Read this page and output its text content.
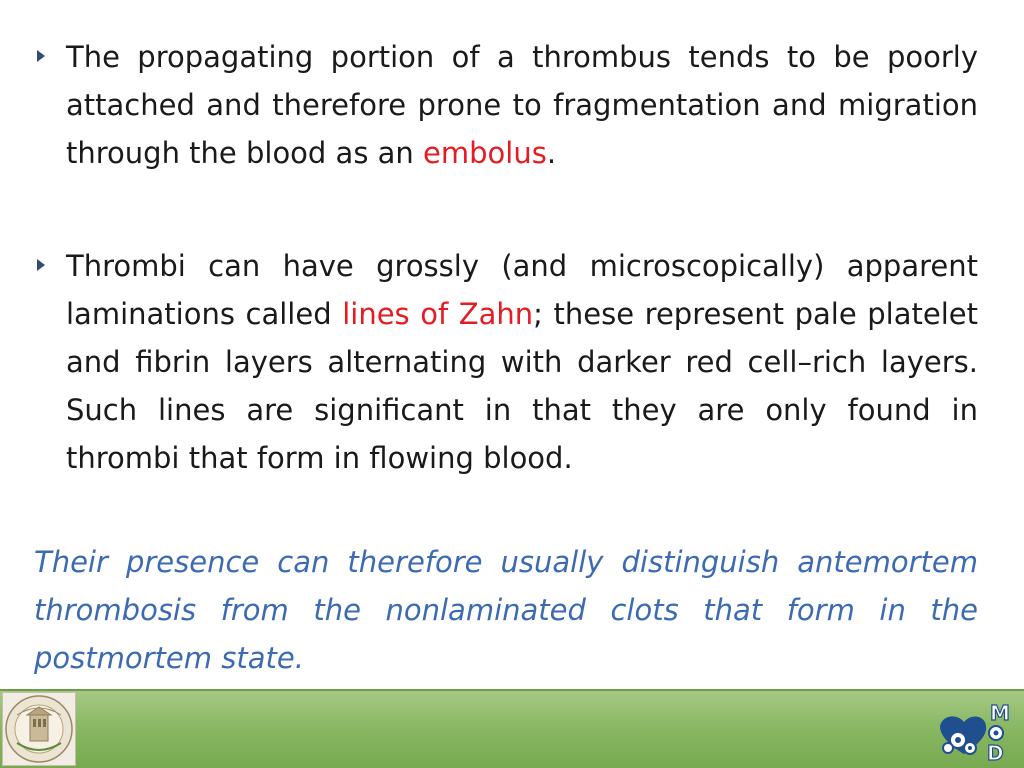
The propagating portion of a thrombus tends to be poorly attached and therefore prone to fragmentation and migration through the blood as an embolus.
Thrombi can have grossly (and microscopically) apparent laminations called lines of Zahn; these represent pale platelet and fibrin layers alternating with darker red cell–rich layers. Such lines are significant in that they are only found in thrombi that form in flowing blood.
Their presence can therefore usually distinguish antemortem thrombosis from the nonlaminated clots that form in the postmortem state.
M
D
